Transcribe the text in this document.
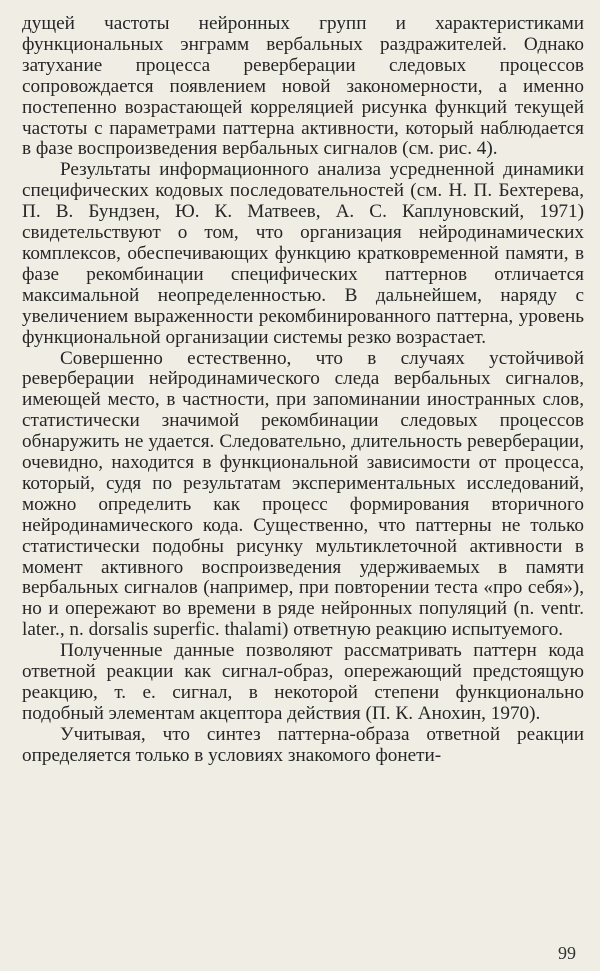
дущей частоты нейронных групп и характеристиками функциональных энграмм вербальных раздражителей. Однако затухание процесса реверберации следовых процессов сопровождается появлением новой закономерности, а именно постепенно возрастающей корреляцией рисунка функций текущей частоты с параметрами паттерна активности, который наблюдается в фазе воспроизведения вербальных сигналов (см. рис. 4).

Результаты информационного анализа усредненной динамики специфических кодовых последовательностей (см. Н. П. Бехтерева, П. В. Бундзен, Ю. К. Матвеев, А. С. Каплуновский, 1971) свидетельствуют о том, что организация нейродинамических комплексов, обеспечивающих функцию кратковременной памяти, в фазе рекомбинации специфических паттернов отличается максимальной неопределенностью. В дальнейшем, наряду с увеличением выраженности рекомбинированного паттерна, уровень функциональной организации системы резко возрастает.

Совершенно естественно, что в случаях устойчивой реверберации нейродинамического следа вербальных сигналов, имеющей место, в частности, при запоминании иностранных слов, статистически значимой рекомбинации следовых процессов обнаружить не удается. Следовательно, длительность реверберации, очевидно, находится в функциональной зависимости от процесса, который, судя по результатам экспериментальных исследований, можно определить как процесс формирования вторичного нейродинамического кода. Существенно, что паттерны не только статистически подобны рисунку мультиклеточной активности в момент активного воспроизведения удерживаемых в памяти вербальных сигналов (например, при повторении теста «про себя»), но и опережают во времени в ряде нейронных популяций (n. ventr. later., n. dorsalis superfic. thalami) ответную реакцию испытуемого.

Полученные данные позволяют рассматривать паттерн кода ответной реакции как сигнал-образ, опережающий предстоящую реакцию, т. е. сигнал, в некоторой степени функционально подобный элементам акцептора действия (П. К. Анохин, 1970).

Учитывая, что синтез паттерна-образа ответной реакции определяется только в условиях знакомого фонети-

99
